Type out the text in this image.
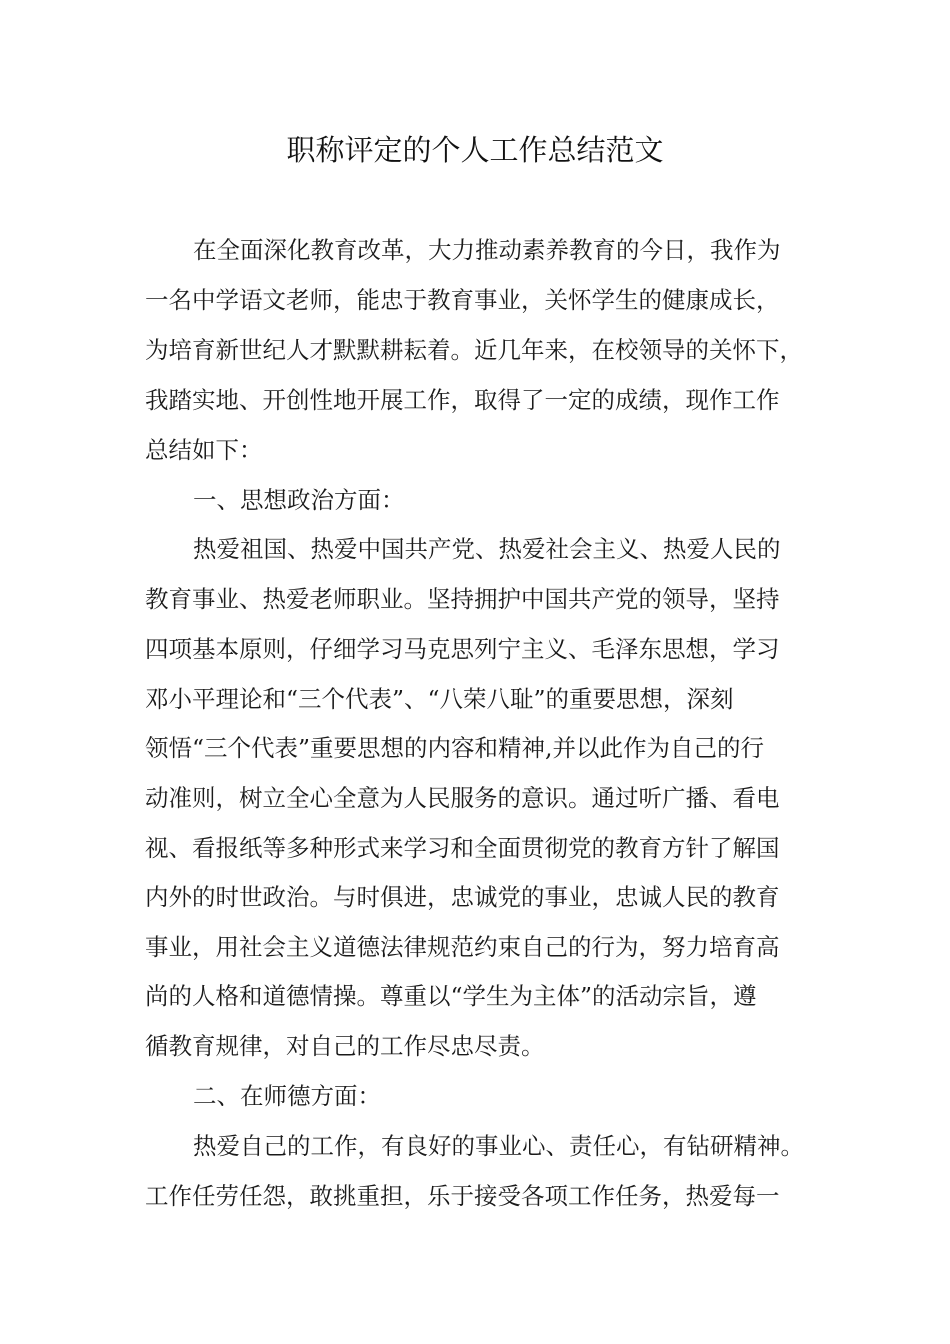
职称评定的个人工作总结范文
在全面深化教育改革，大力推动素养教育的今日，我作为
一名中学语文老师，能忠于教育事业，关怀学生的健康成长，
为培育新世纪人才默默耕耘着。近几年来，在校领导的关怀下，
我踏实地、开创性地开展工作，取得了一定的成绩，现作工作
总结如下：
一、思想政治方面：
热爱祖国、热爱中国共产党、热爱社会主义、热爱人民的
教育事业、热爱老师职业。坚持拥护中国共产党的领导，坚持
四项基本原则，仔细学习马克思列宁主义、毛泽东思想，学习
邓小平理论和“三个代表”、“八荣八耻”的重要思想，深刻
领悟“三个代表”重要思想的内容和精神,并以此作为自己的行
动准则，树立全心全意为人民服务的意识。通过听广播、看电
视、看报纸等多种形式来学习和全面贯彻党的教育方针了解国
内外的时世政治。与时俱进，忠诚党的事业，忠诚人民的教育
事业，用社会主义道德法律规范约束自己的行为，努力培育高
尚的人格和道德情操。尊重以“学生为主体”的活动宗旨，遵
循教育规律，对自己的工作尽忠尽责。
二、在师德方面：
热爱自己的工作，有良好的事业心、责任心，有钻研精神。
工作任劳任怨，敢挑重担，乐于接受各项工作任务，热爱每一
